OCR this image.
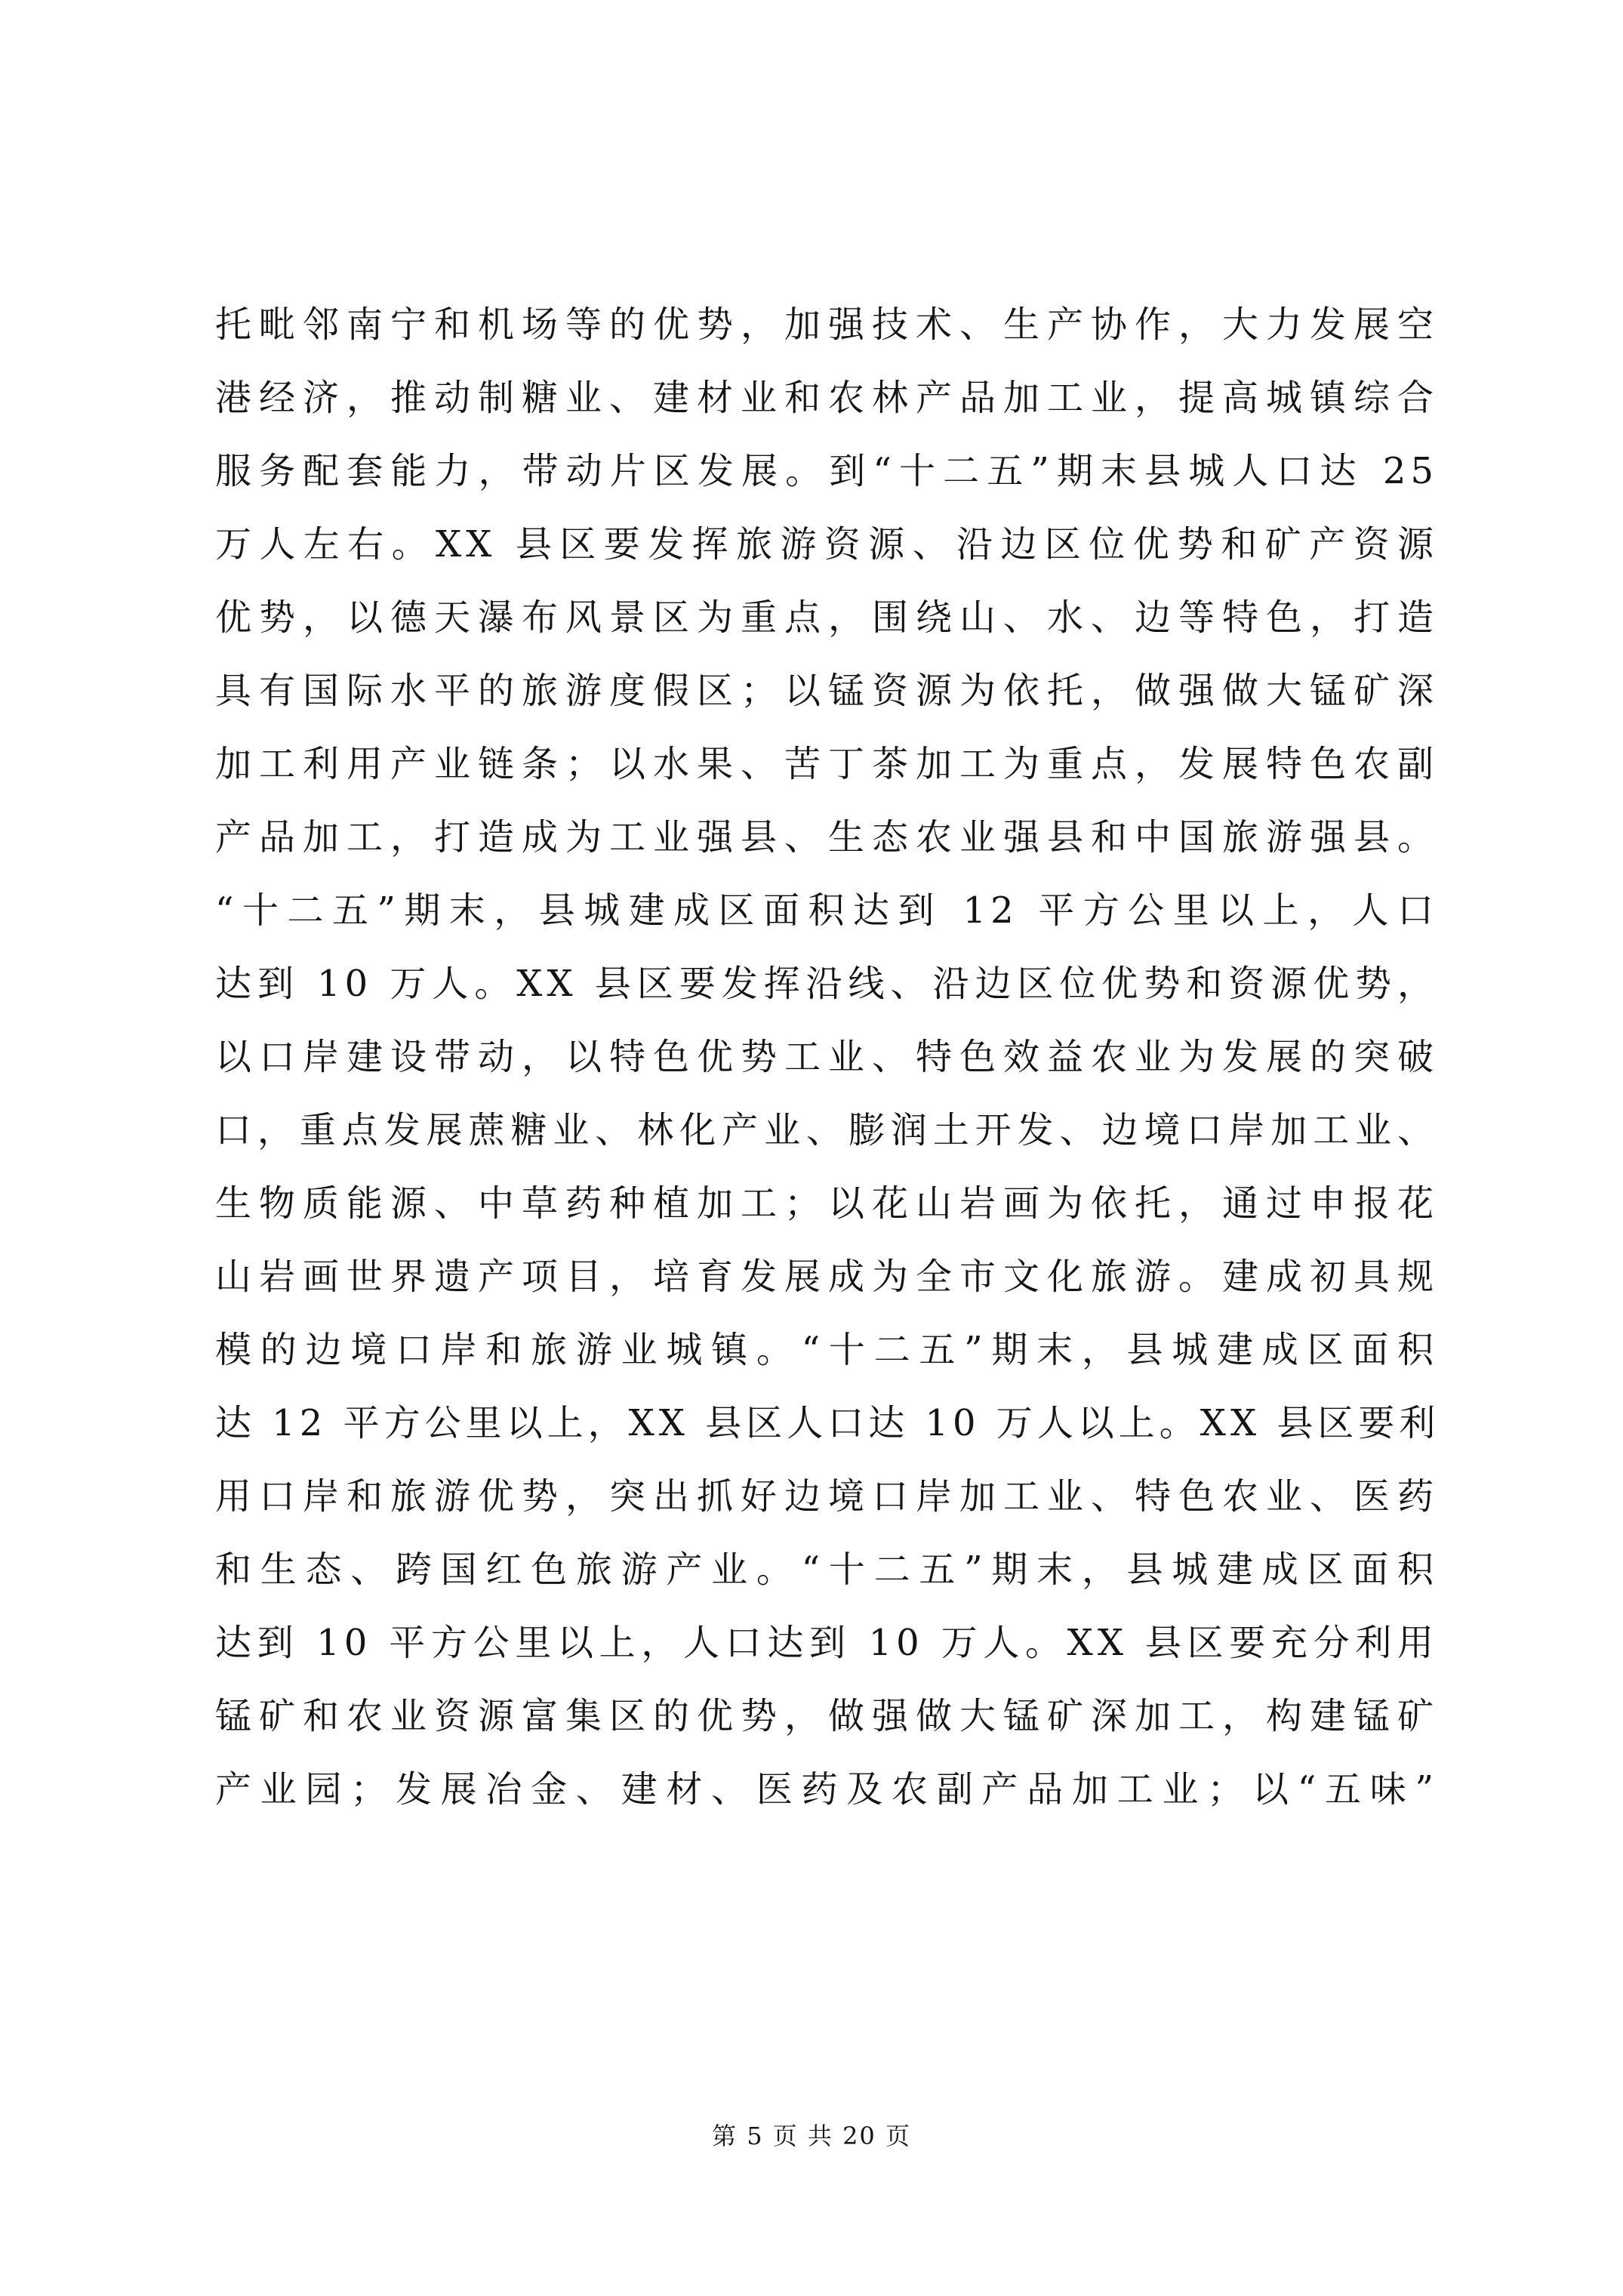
托毗邻南宁和机场等的优势，加强技术、生产协作，大力发展空
港经济，推动制糖业、建材业和农林产品加工业，提高城镇综合
服务配套能力，带动片区发展。到“十二五”期末县城人口达 25
万人左右。XX 县区要发挥旅游资源、沿边区位优势和矿产资源
优势，以德天瀑布风景区为重点，围绕山、水、边等特色，打造
具有国际水平的旅游度假区；以锰资源为依托，做强做大锰矿深
加工利用产业链条；以水果、苦丁茶加工为重点，发展特色农副
产品加工，打造成为工业强县、生态农业强县和中国旅游强县。
“十二五”期末，县城建成区面积达到 12 平方公里以上，人口
达到 10 万人。XX 县区要发挥沿线、沿边区位优势和资源优势，
以口岸建设带动，以特色优势工业、特色效益农业为发展的突破
口，重点发展蔗糖业、林化产业、膨润土开发、边境口岸加工业、
生物质能源、中草药种植加工；以花山岩画为依托，通过申报花
山岩画世界遗产项目，培育发展成为全市文化旅游。建成初具规
模的边境口岸和旅游业城镇。“十二五”期末，县城建成区面积
达 12 平方公里以上，XX 县区人口达 10 万人以上。XX 县区要利
用口岸和旅游优势，突出抓好边境口岸加工业、特色农业、医药
和生态、跨国红色旅游产业。“十二五”期末，县城建成区面积
达到 10 平方公里以上，人口达到 10 万人。XX 县区要充分利用
锰矿和农业资源富集区的优势，做强做大锰矿深加工，构建锰矿
产业园；发展冶金、建材、医药及农副产品加工业；以“五味”
第 5 页 共 20 页
